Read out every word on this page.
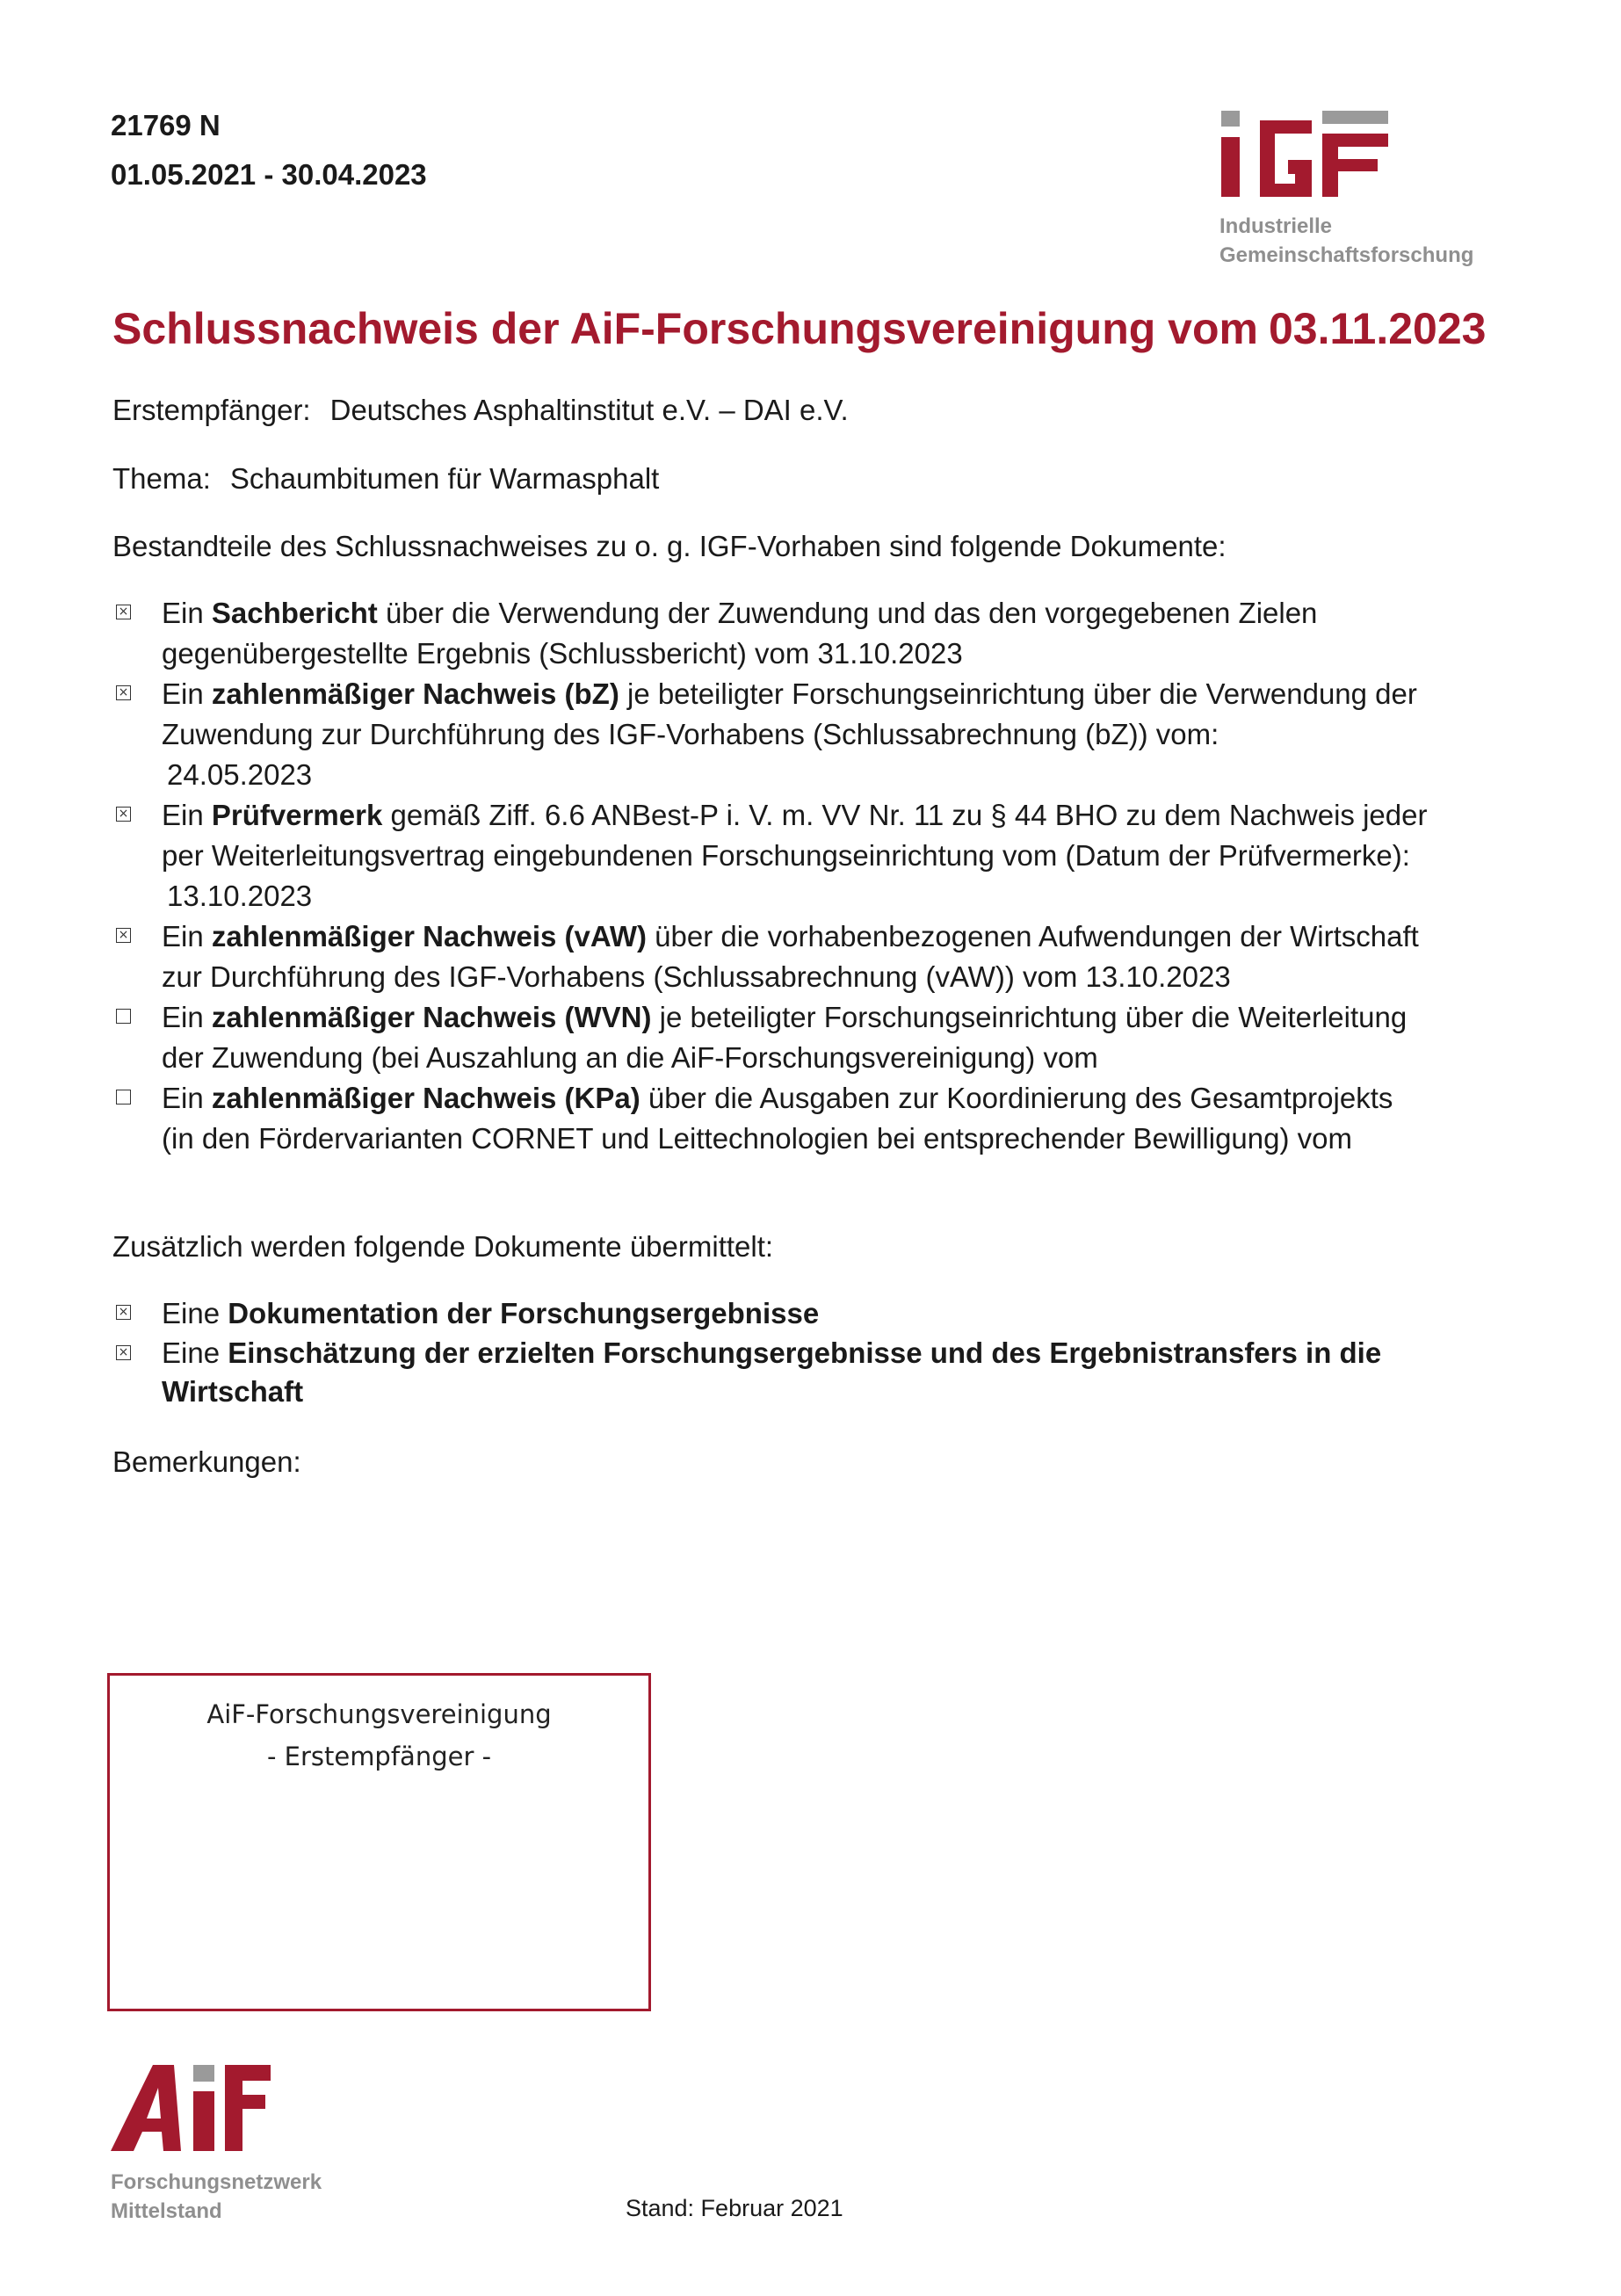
21769 N
01.05.2021 - 30.04.2023
Industrielle
Gemeinschaftsforschung
Schlussnachweis der AiF-Forschungsvereinigung vom 03.11.2023
Erstempfänger: Deutsches Asphaltinstitut e.V. – DAI e.V.
Thema: Schaumbitumen für Warmasphalt
Bestandteile des Schlussnachweises zu o. g. IGF-Vorhaben sind folgende Dokumente:
× Ein Sachbericht über die Verwendung der Zuwendung und das den vorgegebenen Zielen
gegenübergestellte Ergebnis (Schlussbericht) vom 31.10.2023
× Ein zahlenmäßiger Nachweis (bZ) je beteiligter Forschungseinrichtung über die Verwendung der
Zuwendung zur Durchführung des IGF-Vorhabens (Schlussabrechnung (bZ)) vom:
24.05.2023
× Ein Prüfvermerk gemäß Ziff. 6.6 ANBest-P i. V. m. VV Nr. 11 zu § 44 BHO zu dem Nachweis jeder
per Weiterleitungsvertrag eingebundenen Forschungseinrichtung vom (Datum der Prüfvermerke):
13.10.2023
× Ein zahlenmäßiger Nachweis (vAW) über die vorhabenbezogenen Aufwendungen der Wirtschaft
zur Durchführung des IGF-Vorhabens (Schlussabrechnung (vAW)) vom 13.10.2023
Ein zahlenmäßiger Nachweis (WVN) je beteiligter Forschungseinrichtung über die Weiterleitung
der Zuwendung (bei Auszahlung an die AiF-Forschungsvereinigung) vom
Ein zahlenmäßiger Nachweis (KPa) über die Ausgaben zur Koordinierung des Gesamtprojekts
(in den Fördervarianten CORNET und Leittechnologien bei entsprechender Bewilligung) vom
Zusätzlich werden folgende Dokumente übermittelt:
× Eine Dokumentation der Forschungsergebnisse
× Eine Einschätzung der erzielten Forschungsergebnisse und des Ergebnistransfers in die
Wirtschaft
Bemerkungen:
AiF-Forschungsvereinigung
- Erstempfänger -
Forschungsnetzwerk
Mittelstand	Stand: Februar 2021
